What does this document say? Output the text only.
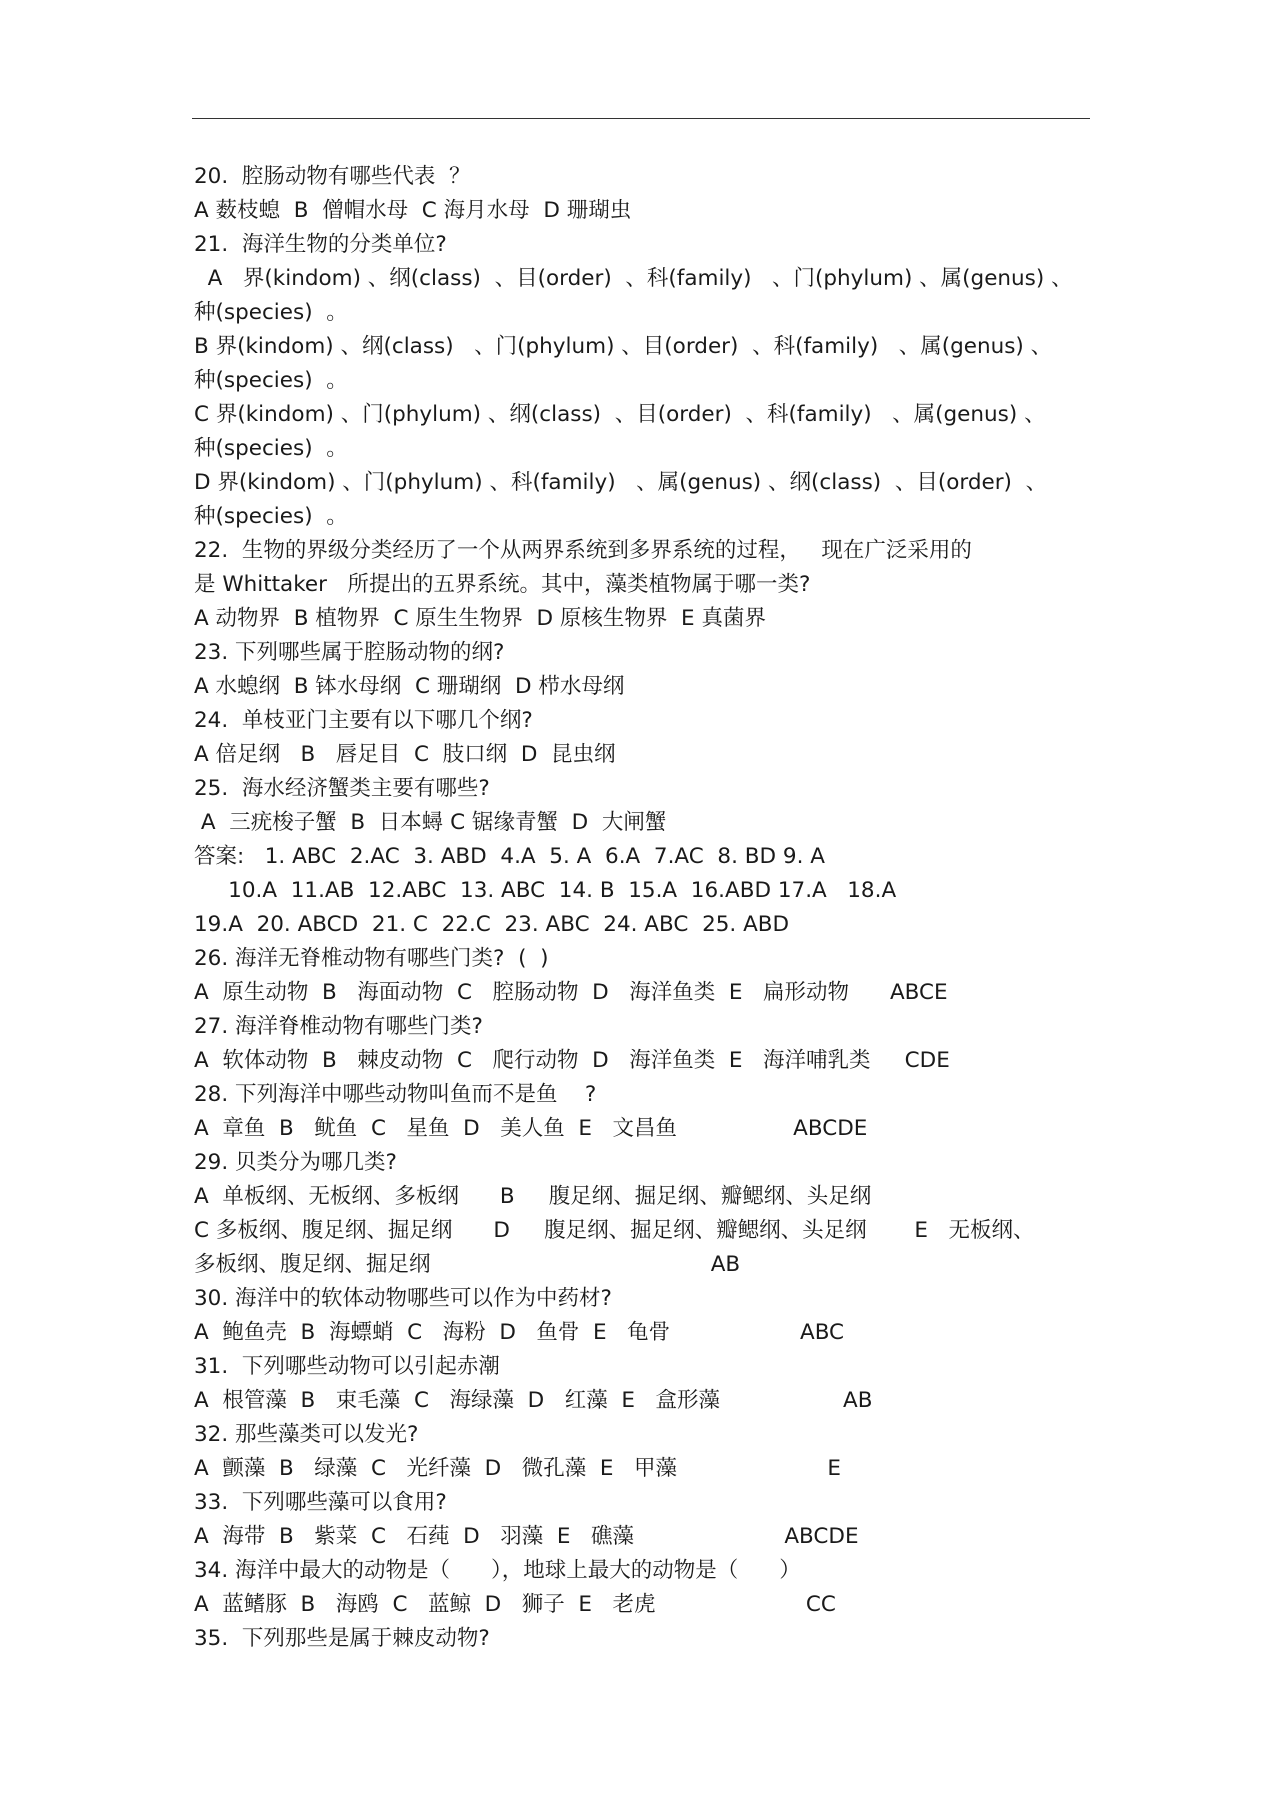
20.  腔肠动物有哪些代表  ？
A 薮枝螅  B  僧帽水母  C 海月水母  D 珊瑚虫
21.  海洋生物的分类单位?
A   界(kindom) 、纲(class)  、目(order)  、科(family)   、门(phylum) 、属(genus) 、
种(species)  。
B 界(kindom) 、纲(class)   、门(phylum) 、目(order)  、科(family)   、属(genus) 、
种(species)  。
C 界(kindom) 、门(phylum) 、纲(class)  、目(order)  、科(family)   、属(genus) 、
种(species)  。
D 界(kindom) 、门(phylum) 、科(family)   、属(genus) 、纲(class)  、目(order)  、
种(species)  。
22.  生物的界级分类经历了一个从两界系统到多界系统的过程，   现在广泛采用的
是 Whittaker   所提出的五界系统。其中，藻类植物属于哪一类?
A 动物界  B 植物界  C 原生生物界  D 原核生物界  E 真菌界
23. 下列哪些属于腔肠动物的纲?
A 水螅纲  B 钵水母纲  C 珊瑚纲  D 栉水母纲
24.  单枝亚门主要有以下哪几个纲?
A 倍足纲   B   唇足目  C  肢口纲  D  昆虫纲
25.  海水经济蟹类主要有哪些?
A  三疣梭子蟹  B  日本蟳 C 锯缘青蟹  D  大闸蟹
答案:   1. ABC  2.AC  3. ABD  4.A  5. A  6.A  7.AC  8. BD 9. A
10.A  11.AB  12.ABC  13. ABC  14. B  15.A  16.ABD 17.A   18.A
19.A  20. ABCD  21. C  22.C  23. ABC  24. ABC  25. ABD
26. 海洋无脊椎动物有哪些门类?  (  )
A  原生动物  B   海面动物  C   腔肠动物  D   海洋鱼类  E   扁形动物      ABCE
27. 海洋脊椎动物有哪些门类?
A  软体动物  B   棘皮动物  C   爬行动物  D   海洋鱼类  E   海洋哺乳类     CDE
28. 下列海洋中哪些动物叫鱼而不是鱼    ?
A  章鱼  B   鱿鱼  C   星鱼  D   美人鱼  E   文昌鱼                 ABCDE
29. 贝类分为哪几类?
A  单板纲、无板纲、多板纲      B     腹足纲、掘足纲、瓣鳃纲、头足纲
C 多板纲、腹足纲、掘足纲      D     腹足纲、掘足纲、瓣鳃纲、头足纲       E   无板纲、
多板纲、腹足纲、掘足纲                                         AB
30. 海洋中的软体动物哪些可以作为中药材?
A  鲍鱼壳  B  海螵蛸  C   海粉  D   鱼骨  E   龟骨                   ABC
31.  下列哪些动物可以引起赤潮
A  根管藻  B   束毛藻  C   海绿藻  D   红藻  E   盒形藻                  AB
32. 那些藻类可以发光?
A  颤藻  B   绿藻  C   光纤藻  D   微孔藻  E   甲藻                      E
33.  下列哪些藻可以食用?
A  海带  B   紫菜  C   石莼  D   羽藻  E   礁藻                      ABCDE
34. 海洋中最大的动物是（      ），地球上最大的动物是（      ）
A  蓝鳍豚  B   海鸥  C   蓝鲸  D   狮子  E   老虎                      CC
35.  下列那些是属于棘皮动物?
